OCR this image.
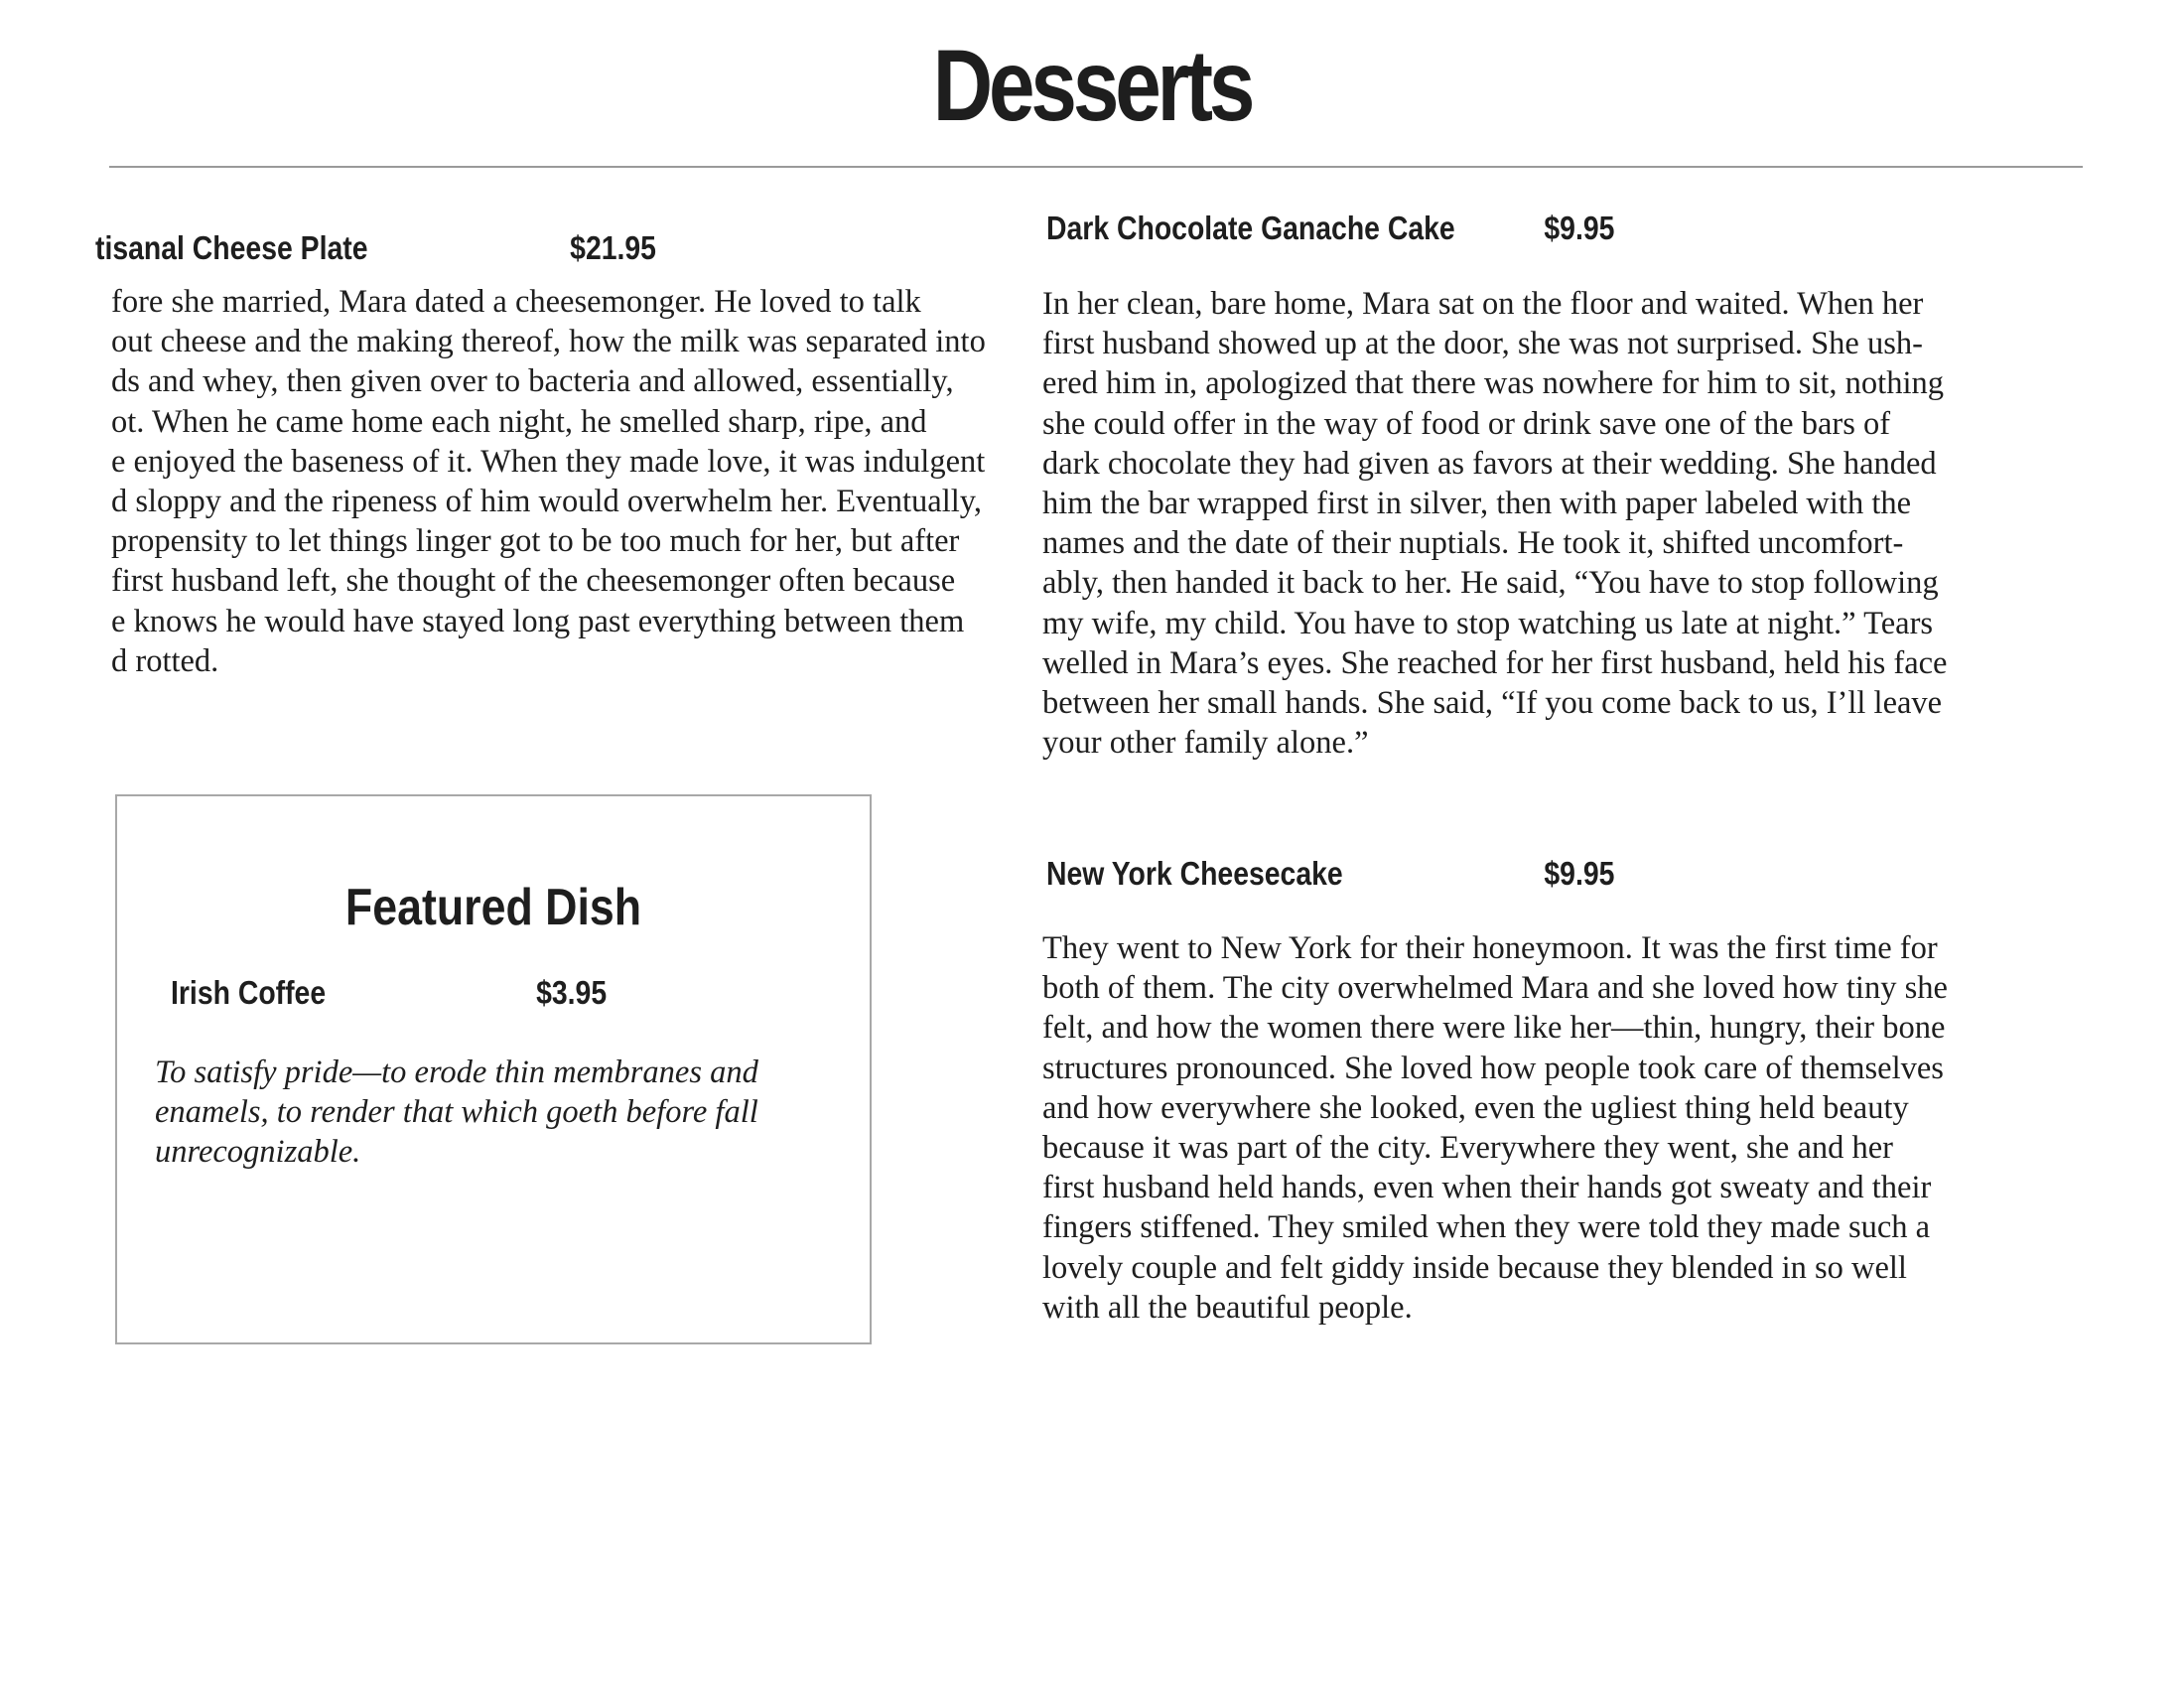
Desserts
tisanal Cheese Plate	$21.95
fore she married, Mara dated a cheesemonger. He loved to talk
out cheese and the making thereof, how the milk was separated into
ds and whey, then given over to bacteria and allowed, essentially,
ot. When he came home each night, he smelled sharp, ripe, and
e enjoyed the baseness of it. When they made love, it was indulgent
d sloppy and the ripeness of him would overwhelm her. Eventually,
propensity to let things linger got to be too much for her, but after
first husband left, she thought of the cheesemonger often because
e knows he would have stayed long past everything between them
d rotted.
Dark Chocolate Ganache Cake	$9.95
In her clean, bare home, Mara sat on the floor and waited. When her
first husband showed up at the door, she was not surprised. She ush-
ered him in, apologized that there was nowhere for him to sit, nothing
she could offer in the way of food or drink save one of the bars of
dark chocolate they had given as favors at their wedding. She handed
him the bar wrapped first in silver, then with paper labeled with the
names and the date of their nuptials. He took it, shifted uncomfort-
ably, then handed it back to her. He said, “You have to stop following
my wife, my child. You have to stop watching us late at night.” Tears
welled in Mara’s eyes. She reached for her first husband, held his face
between her small hands. She said, “If you come back to us, I’ll leave
your other family alone.”
New York Cheesecake	$9.95
They went to New York for their honeymoon. It was the first time for
both of them. The city overwhelmed Mara and she loved how tiny she
felt, and how the women there were like her—thin, hungry, their bone
structures pronounced. She loved how people took care of themselves
and how everywhere she looked, even the ugliest thing held beauty
because it was part of the city. Everywhere they went, she and her
first husband held hands, even when their hands got sweaty and their
fingers stiffened. They smiled when they were told they made such a
lovely couple and felt giddy inside because they blended in so well
with all the beautiful people.
Featured Dish
Irish Coffee	$3.95
To satisfy pride—to erode thin membranes and
enamels, to render that which goeth before fall
unrecognizable.
